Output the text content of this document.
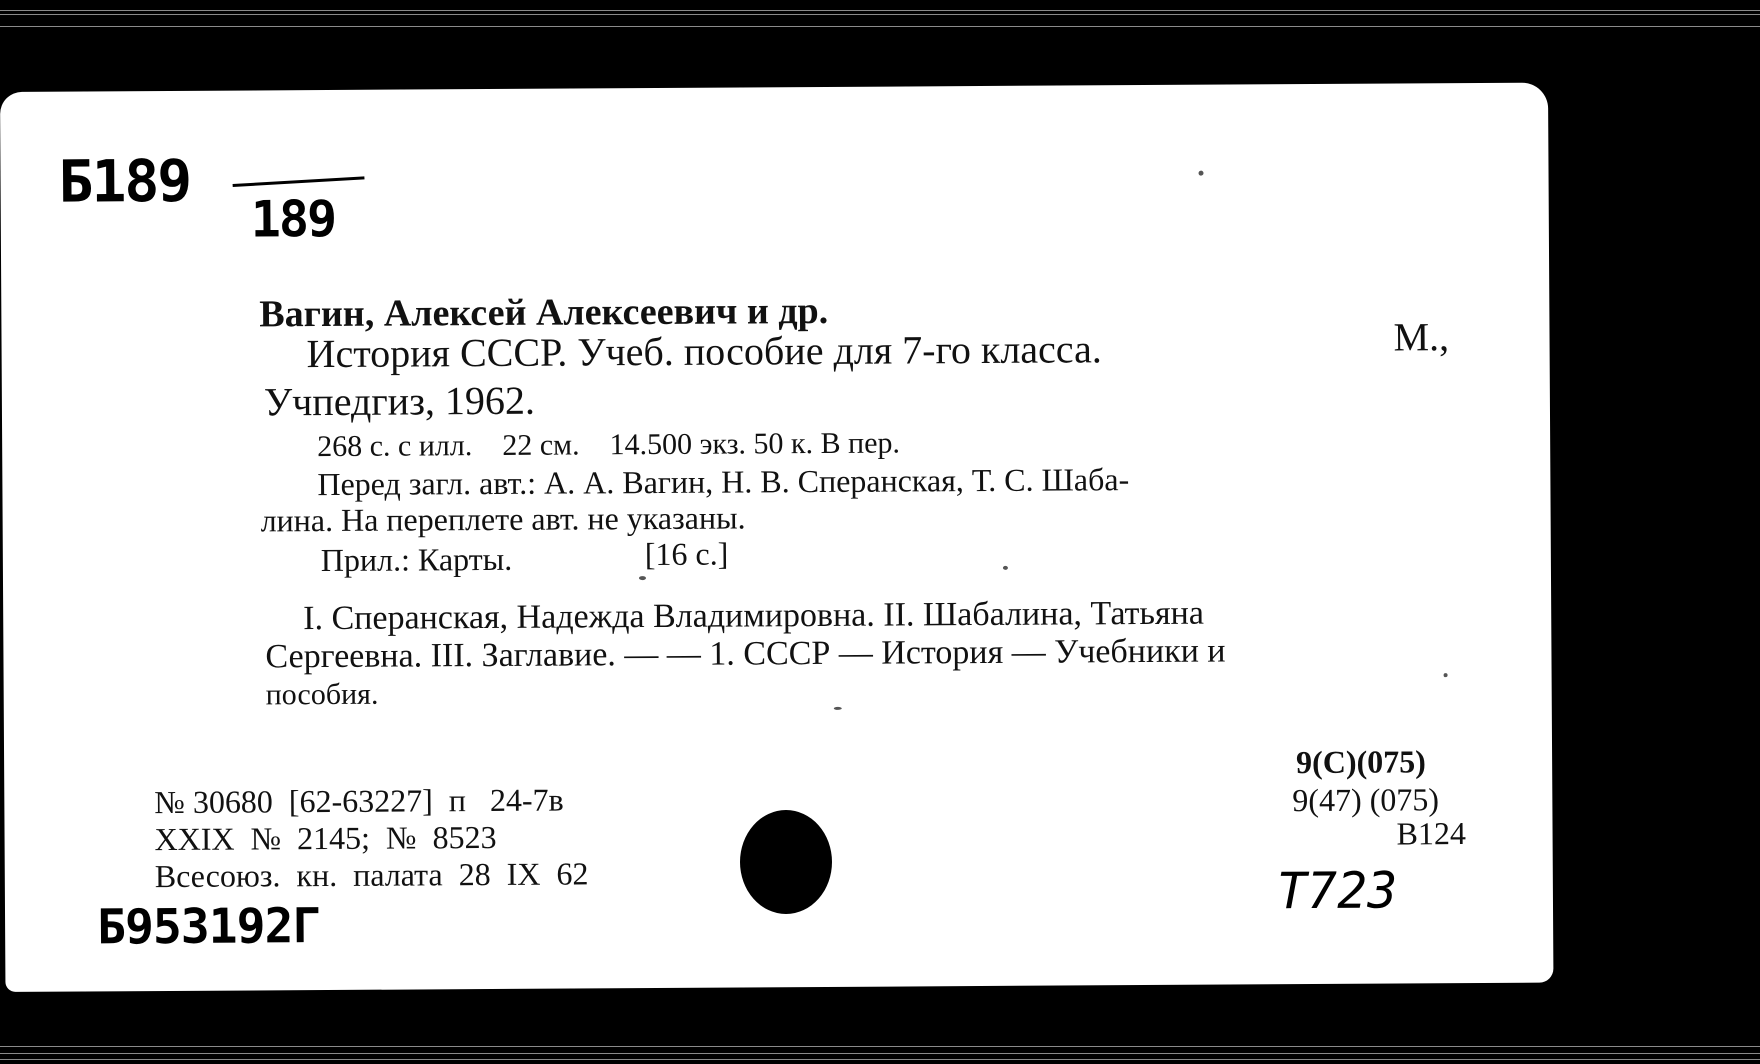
Б189
189
Вагин, Алексей Алексеевич и др.
История СССР. Учеб. пособие для 7-го класса.	М.,
Учпедгиз, 1962.
268 с. с илл.    22 см.    14.500 экз. 50 к. В пер.
Перед загл. авт.: А. А. Вагин, Н. В. Сперанская, Т. С. Шаба-
лина. На переплете авт. не указаны.
Прил.: Карты.	[16 с.]
I. Сперанская, Надежда Владимировна. II. Шабалина, Татьяна
Сергеевна. III. Заглавие. — — 1. СССР — История — Учебники и
пособия.
№ 30680  [62-63227]  п   24-7в
XXIX  №  2145;  №  8523
Всесоюз.  кн.  палата  28  IX  62
9(С)(075)
9(47) (075)
В124
Б953192Г
Т723
